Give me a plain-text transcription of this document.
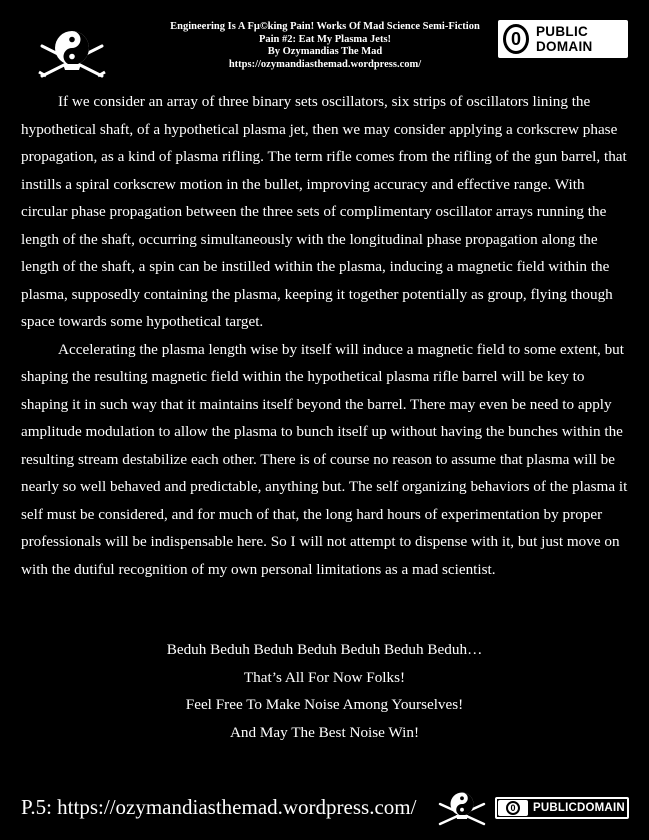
Engineering Is A Fμ©king Pain! Works Of Mad Science Semi-Fiction
Pain #2: Eat My Plasma Jets!
By Ozymandias The Mad
https://ozymandiasthemad.wordpress.com/
0	PUBLIC
DOMAIN

If we consider an array of three binary sets oscillators, six strips of oscillators lining the hypothetical shaft, of a hypothetical plasma jet, then we may consider applying a corkscrew phase propagation, as a kind of plasma rifling. The term rifle comes from the rifling of the gun barrel, that instills a spiral corkscrew motion in the bullet, improving accuracy and effective range. With circular phase propagation between the three sets of complimentary oscillator arrays running the length of the shaft, occurring simultaneously with the longitudinal phase propagation along the length of the shaft, a spin can be instilled within the plasma, inducing a magnetic field within the plasma, supposedly containing the plasma, keeping it together potentially as group, flying though space towards some hypothetical target.

Accelerating the plasma length wise by itself will induce a magnetic field to some extent, but shaping the resulting magnetic field within the hypothetical plasma rifle barrel will be key to shaping it in such way that it maintains itself beyond the barrel. There may even be need to apply amplitude modulation to allow the plasma to bunch itself up without having the bunches within the resulting stream destabilize each other. There is of course no reason to assume that plasma will be nearly so well behaved and predictable, anything but. The self organizing behaviors of the plasma it self must be considered, and for much of that, the long hard hours of experimentation by proper professionals will be indispensable here. So I will not attempt to dispense with it, but just move on with the dutiful recognition of my own personal limitations as a mad scientist.

Beduh Beduh Beduh Beduh Beduh Beduh Beduh…
That’s All For Now Folks!
Feel Free To Make Noise Among Yourselves!
And May The Best Noise Win!
P.5: https://ozymandiasthemad.wordpress.com/	0	PUBLICDOMAIN
